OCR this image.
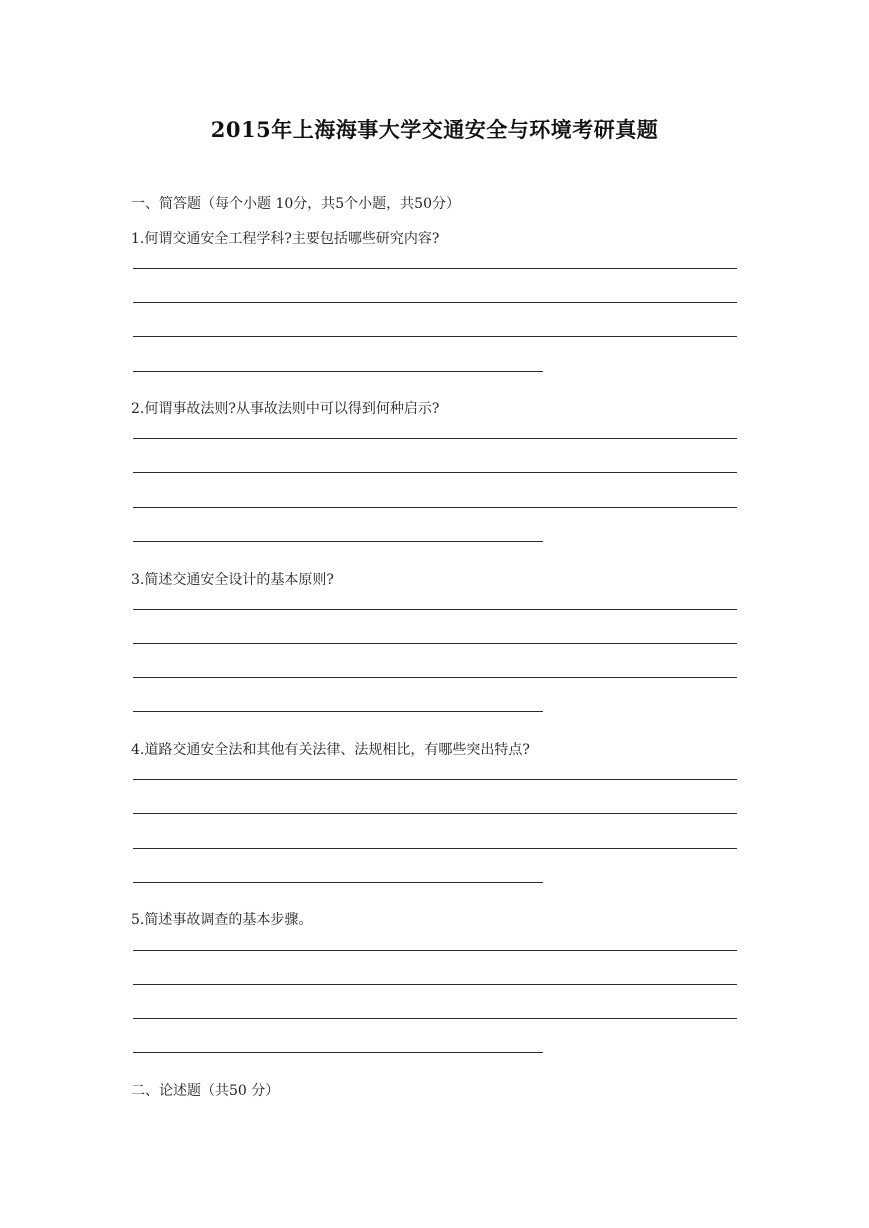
2015年上海海事大学交通安全与环境考研真题
一、简答题（每个小题 10分，共5个小题，共50分）
1.何谓交通安全工程学科?主要包括哪些研究内容?
2.何谓事故法则?从事故法则中可以得到何种启示?
3.简述交通安全设计的基本原则?
4.道路交通安全法和其他有关法律、法规相比，有哪些突出特点?
5.简述事故调查的基本步骤。
二、论述题（共50 分）
